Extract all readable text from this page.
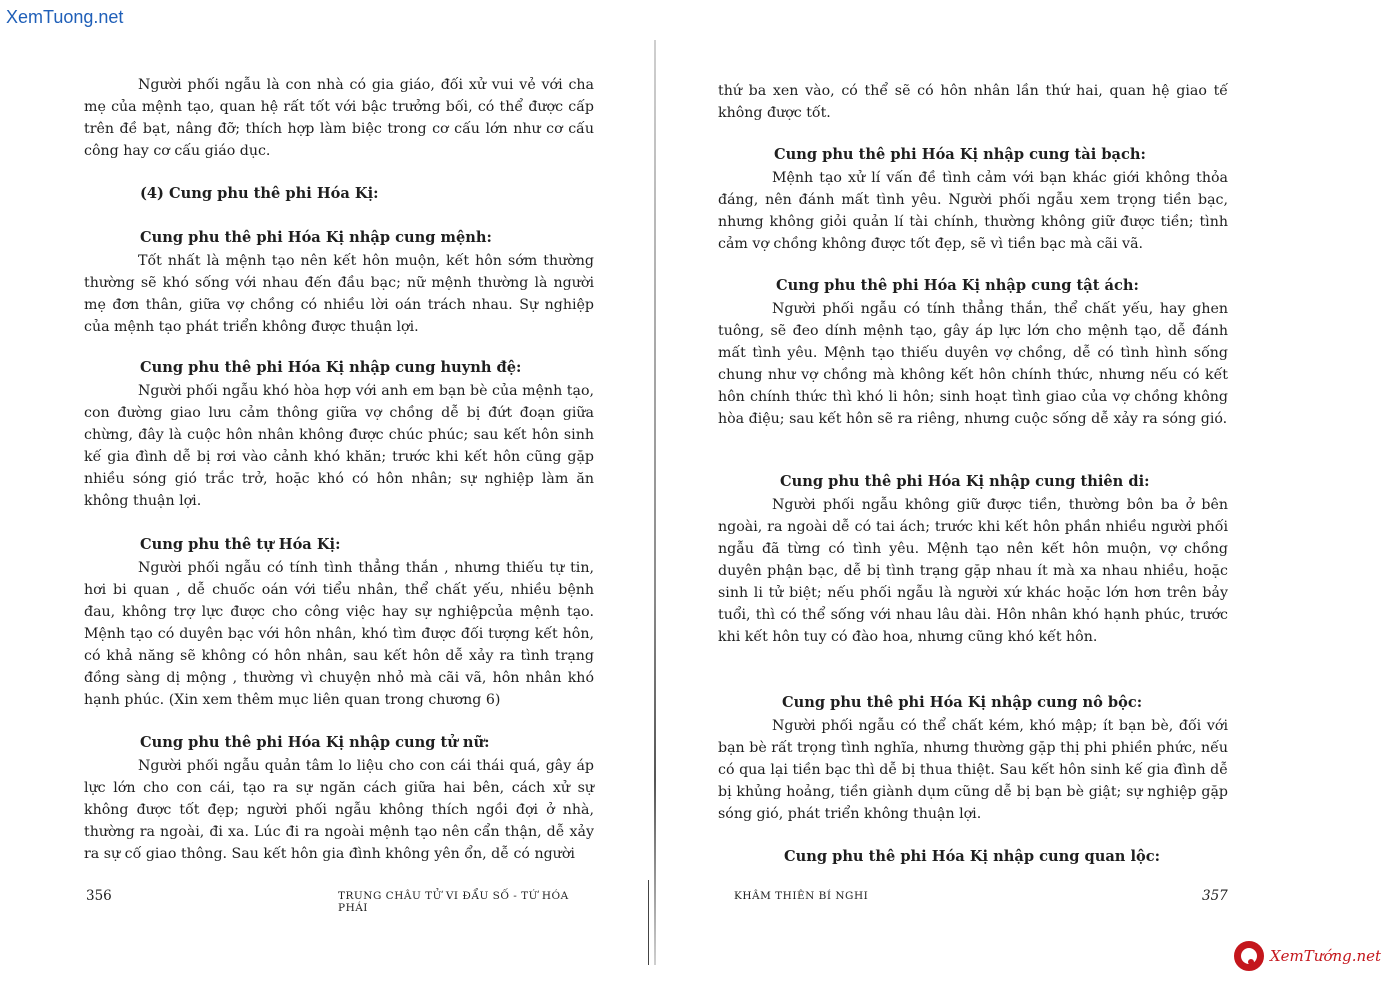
XemTuong.net

Người phối ngẫu là con nhà có gia giáo, đối xử vui vẻ với cha mẹ của mệnh tạo, quan hệ rất tốt với bậc trưởng bối, có thể được cấp trên đề bạt, nâng đỡ; thích hợp làm biệc trong cơ cấu lớn như cơ cấu công hay cơ cấu giáo dục.

(4) Cung phu thê phi Hóa Kị:
Cung phu thê phi Hóa Kị nhập cung mệnh:

Tốt nhất là mệnh tạo nên kết hôn muộn, kết hôn sớm thường thường sẽ khó sống với nhau đến đầu bạc; nữ mệnh thường là người mẹ đơn thân, giữa vợ chồng có nhiều lời oán trách nhau. Sự nghiệp của mệnh tạo phát triển không được thuận lợi.

Cung phu thê phi Hóa Kị nhập cung huynh đệ:

Người phối ngẫu khó hòa hợp với anh em bạn bè của mệnh tạo, con đường giao lưu cảm thông giữa vợ chồng dễ bị đứt đoạn giữa chừng, đây là cuộc hôn nhân không được chúc phúc; sau kết hôn sinh kế gia đình dễ bị rơi vào cảnh khó khăn; trước khi kết hôn cũng gặp nhiều sóng gió trắc trở, hoặc khó có hôn nhân; sự nghiệp làm ăn không thuận lợi.

Cung phu thê tự Hóa Kị:

Người phối ngẫu có tính tình thẳng thắn , nhưng thiếu tự tin, hơi bi quan , dễ chuốc oán với tiểu nhân, thể chất yếu, nhiều bệnh đau, không trợ lực được cho công việc hay sự nghiệpcủa mệnh tạo. Mệnh tạo có duyên bạc với hôn nhân, khó tìm được đối tượng kết hôn, có khả năng sẽ không có hôn nhân, sau kết hôn dễ xảy ra tình trạng đồng sàng dị mộng , thường vì chuyện nhỏ mà cãi vã, hôn nhân khó hạnh phúc. (Xin xem thêm mục liên quan trong chương 6)

Cung phu thê phi Hóa Kị nhập cung tử nữ:

Người phối ngẫu quản tâm lo liệu cho con cái thái quá, gây áp lực lớn cho con cái, tạo ra sự ngăn cách giữa hai bên, cách xử sự không được tốt đẹp; người phối ngẫu không thích ngồi đợi ở nhà, thường ra ngoài, đi xa. Lúc đi ra ngoài mệnh tạo nên cẩn thận, dễ xảy ra sự cố giao thông. Sau kết hôn gia đình không yên ổn, dễ có người

356	TRUNG CHÂU TỬ VI ĐẨU SỐ - TỨ HÓA PHÁI

thứ ba xen vào, có thể sẽ có hôn nhân lần thứ hai, quan hệ giao tế không được tốt.

Cung phu thê phi Hóa Kị nhập cung tài bạch:

Mệnh tạo xử lí vấn đề tình cảm với bạn khác giới không thỏa đáng, nên đánh mất tình yêu. Người phối ngẫu xem trọng tiền bạc, nhưng không giỏi quản lí tài chính, thường không giữ được tiền; tình cảm vợ chồng không được tốt đẹp, sẽ vì tiền bạc mà cãi vã.

Cung phu thê phi Hóa Kị nhập cung tật ách:

Người phối ngẫu có tính thẳng thắn, thể chất yếu, hay ghen tuông, sẽ đeo dính mệnh tạo, gây áp lực lớn cho mệnh tạo, dễ đánh mất tình yêu. Mệnh tạo thiếu duyên vợ chồng, dễ có tình hình sống chung như vợ chồng mà không kết hôn chính thức, nhưng nếu có kết hôn chính thức thì khó li hôn; sinh hoạt tình giao của vợ chồng không hòa điệu; sau kết hôn sẽ ra riêng, nhưng cuộc sống dễ xảy ra sóng gió.

Cung phu thê phi Hóa Kị nhập cung thiên di:

Người phối ngẫu không giữ được tiền, thường bôn ba ở bên ngoài, ra ngoài dễ có tai ách; trước khi kết hôn phần nhiều người phối ngẫu đã từng có tình yêu. Mệnh tạo nên kết hôn muộn, vợ chồng duyên phận bạc, dễ bị tình trạng gặp nhau ít mà xa nhau nhiều, hoặc sinh li tử biệt; nếu phối ngẫu là người xứ khác hoặc lớn hơn trên bảy tuổi, thì có thể sống với nhau lâu dài. Hôn nhân khó hạnh phúc, trước khi kết hôn tuy có đào hoa, nhưng cũng khó kết hôn.

Cung phu thê phi Hóa Kị nhập cung nô bộc:

Người phối ngẫu có thể chất kém, khó mập; ít bạn bè, đối với bạn bè rất trọng tình nghĩa, nhưng thường gặp thị phi phiền phức, nếu có qua lại tiền bạc thì dễ bị thua thiệt. Sau kết hôn sinh kế gia đình dễ bị khủng hoảng, tiền giành dụm cũng dễ bị bạn bè giật; sự nghiệp gặp sóng gió, phát triển không thuận lợi.

Cung phu thê phi Hóa Kị nhập cung quan lộc:
KHÂM THIÊN BÍ NGHI	357
XemTướng.net
